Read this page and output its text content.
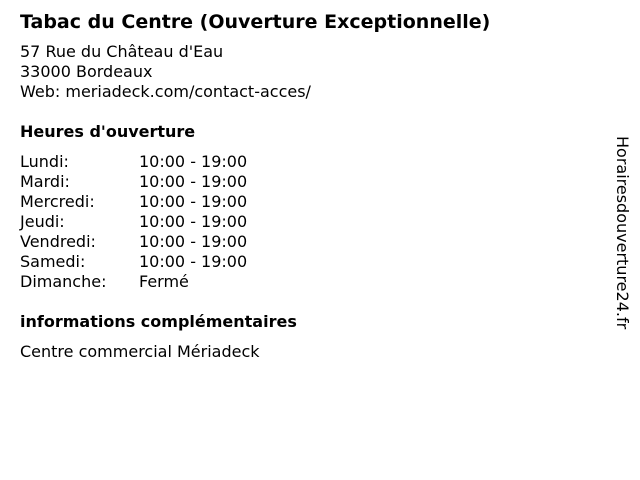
Tabac du Centre (Ouverture Exceptionnelle)
57 Rue du Château d'Eau
33000 Bordeaux
Web: meriadeck.com/contact-acces/
Heures d'ouverture
Lundi:	10:00 - 19:00
Mardi:	10:00 - 19:00
Mercredi:	10:00 - 19:00
Jeudi:	10:00 - 19:00
Vendredi:	10:00 - 19:00
Samedi:	10:00 - 19:00
Dimanche:	Fermé
informations complémentaires
Centre commercial Mériadeck
Horairesdouverture24.fr
